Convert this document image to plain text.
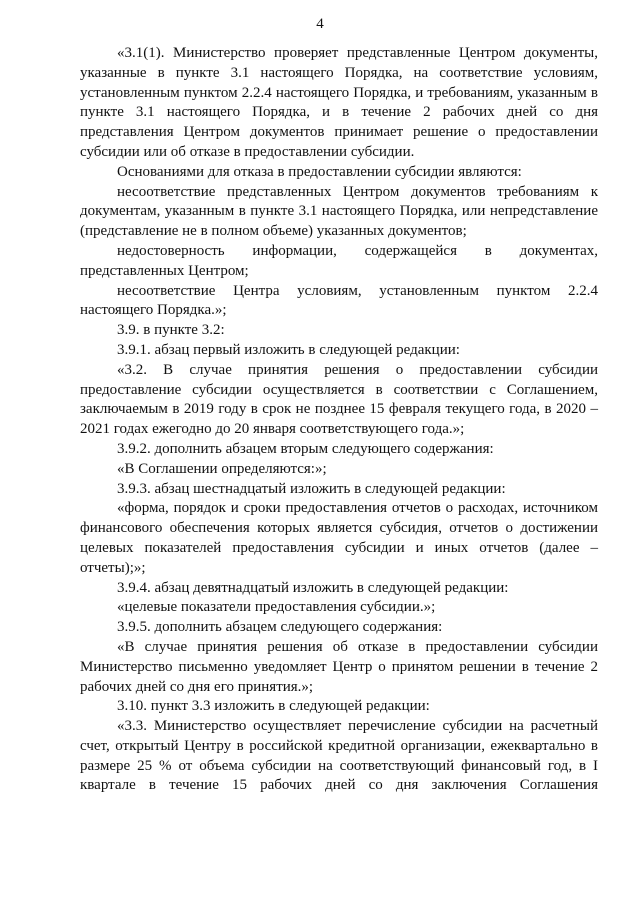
4

«3.1(1). Министерство проверяет представленные Центром документы, указанные в пункте 3.1 настоящего Порядка, на соответствие условиям, установленным пунктом 2.2.4 настоящего Порядка, и требованиям, указанным в пункте 3.1 настоящего Порядка, и в течение 2 рабочих дней со дня представления Центром документов принимает решение о предоставлении субсидии или об отказе в предоставлении субсидии.

Основаниями для отказа в предоставлении субсидии являются:

несоответствие представленных Центром документов требованиям к документам, указанным в пункте 3.1 настоящего Порядка, или непредставление (представление не в полном объеме) указанных документов;

недостоверность информации, содержащейся в документах, представленных Центром;

несоответствие Центра условиям, установленным пунктом 2.2.4 настоящего Порядка.»;

3.9. в пункте 3.2:

3.9.1. абзац первый изложить в следующей редакции:

«3.2. В случае принятия решения о предоставлении субсидии предоставление субсидии осуществляется в соответствии с Соглашением, заключаемым в 2019 году в срок не позднее 15 февраля текущего года, в 2020 – 2021 годах ежегодно до 20 января соответствующего года.»;

3.9.2. дополнить абзацем вторым следующего содержания:

«В Соглашении определяются:»;

3.9.3. абзац шестнадцатый изложить в следующей редакции:

«форма, порядок и сроки предоставления отчетов о расходах, источником финансового обеспечения которых является субсидия, отчетов о достижении целевых показателей предоставления субсидии и иных отчетов (далее – отчеты);»;

3.9.4. абзац девятнадцатый изложить в следующей редакции:

«целевые показатели предоставления субсидии.»;

3.9.5. дополнить абзацем следующего содержания:

«В случае принятия решения об отказе в предоставлении субсидии Министерство письменно уведомляет Центр о принятом решении в течение 2 рабочих дней со дня его принятия.»;

3.10. пункт 3.3 изложить в следующей редакции:

«3.3. Министерство осуществляет перечисление субсидии на расчетный счет, открытый Центру в российской кредитной организации, ежеквартально в размере 25 % от объема субсидии на соответствующий финансовый год, в I квартале в течение 15 рабочих дней со дня заключения Соглашения
